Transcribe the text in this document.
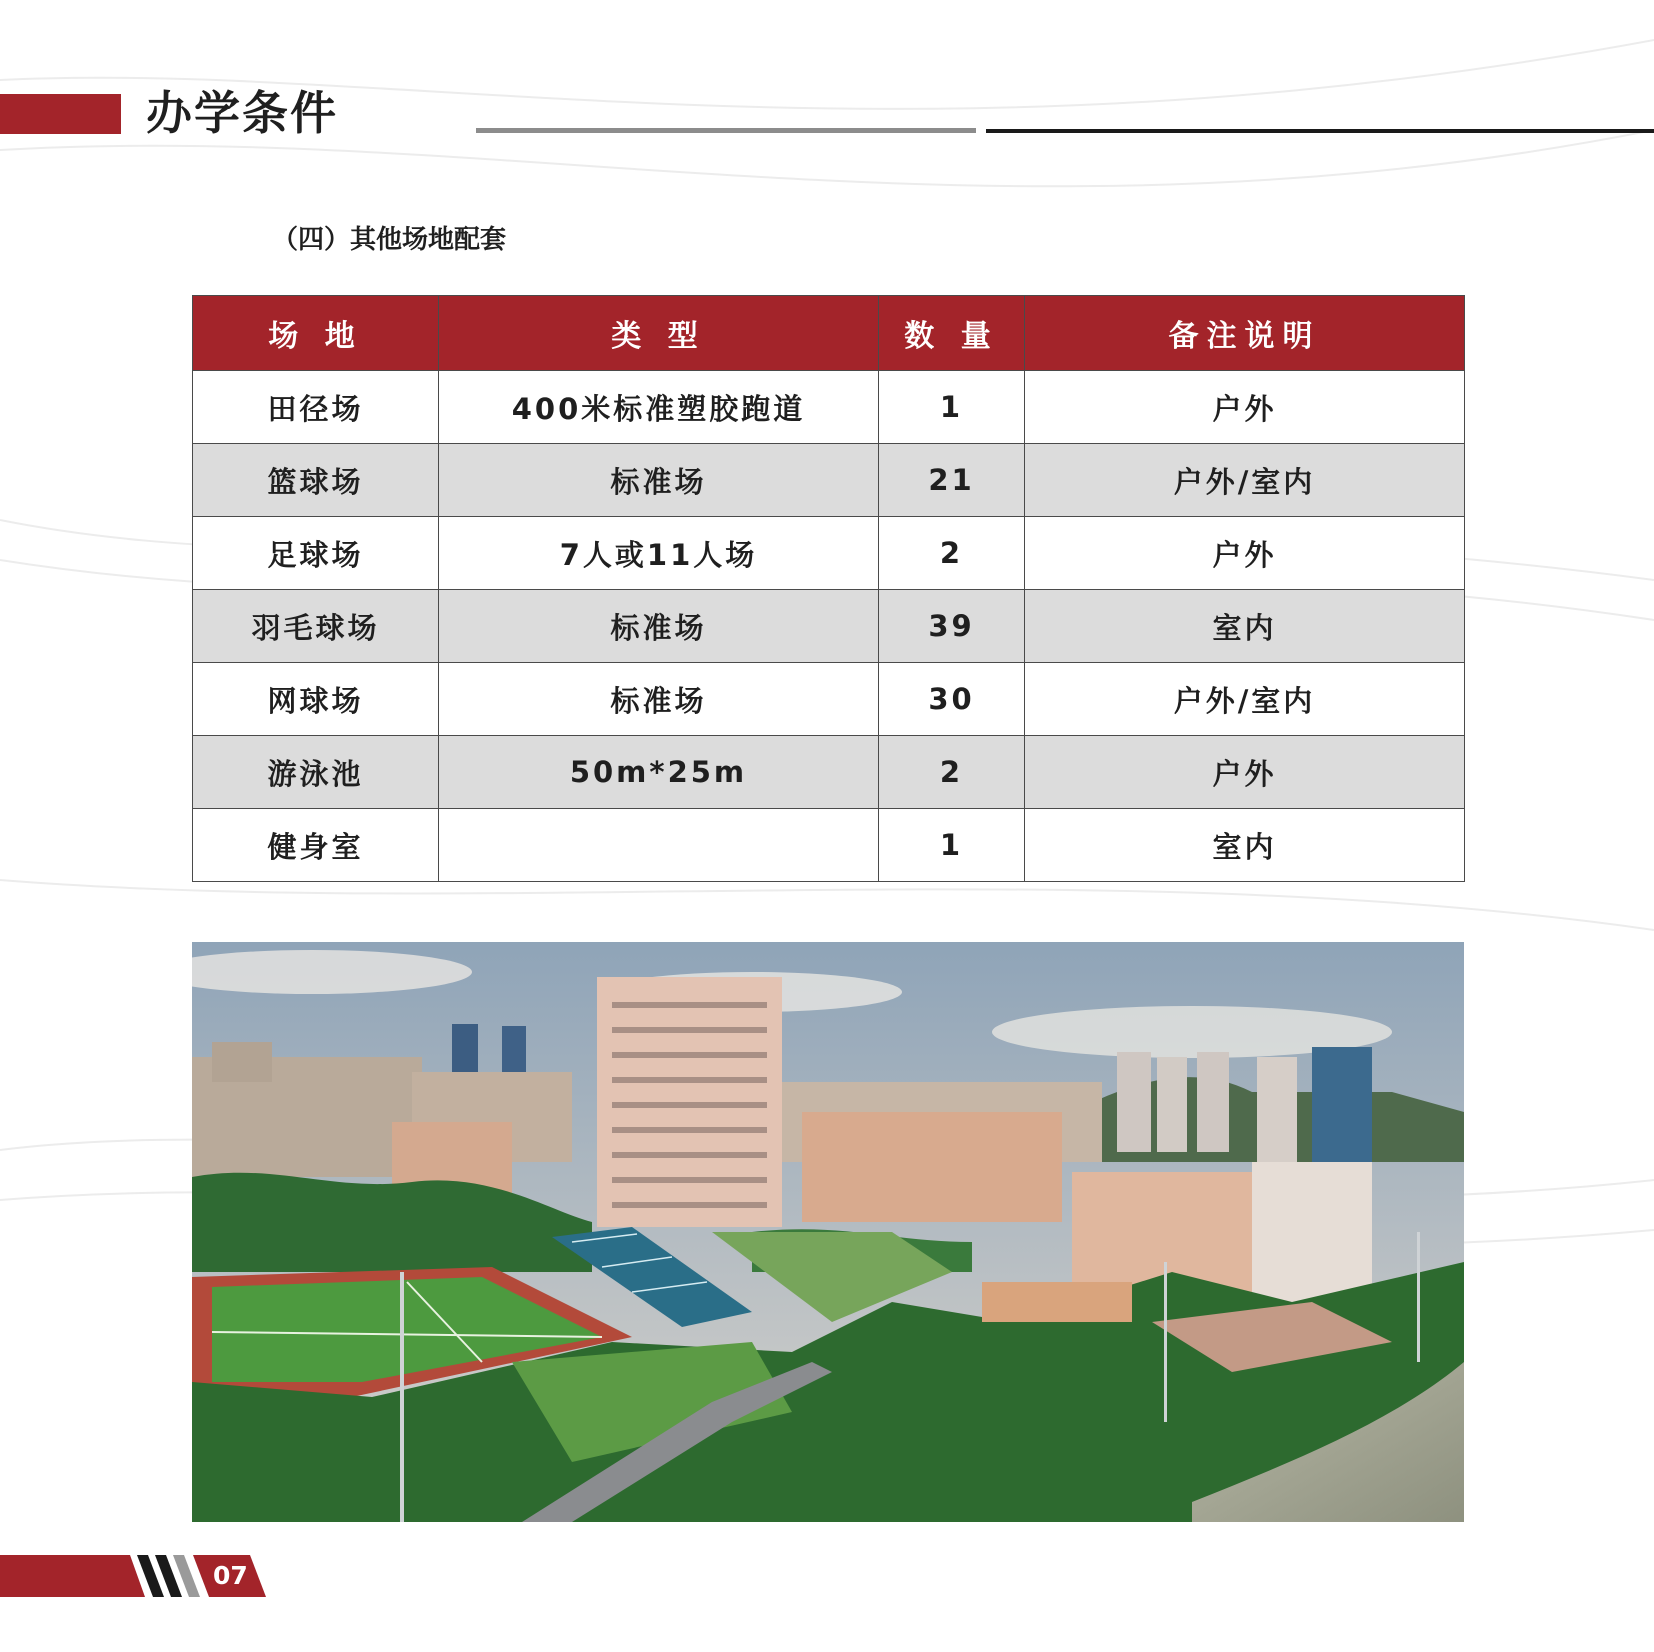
办学条件
（四）其他场地配套
场 地	类 型	数 量	备注说明
田径场	400米标准塑胶跑道	1	户外
篮球场	标准场	21	户外/室内
足球场	7人或11人场	2	户外
羽毛球场	标准场	39	室内
网球场	标准场	30	户外/室内
游泳池	50m*25m	2	户外
健身室		1	室内
07
